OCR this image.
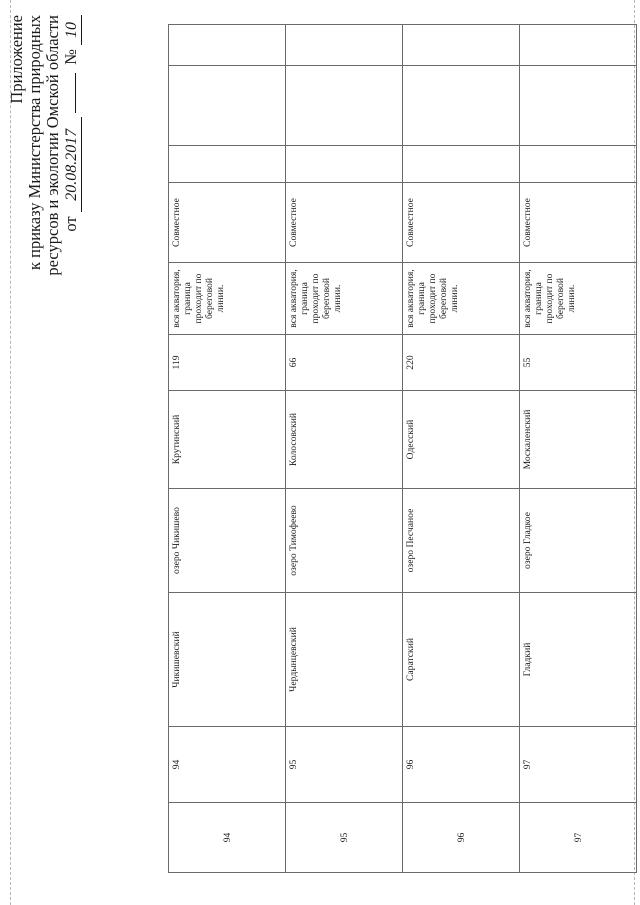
Приложение к приказу Министерства природных ресурсов и экологии Омской области от 20.08.2017   № 10
94	94	Чикишевский	озеро Чикишево	Крутинский	119	вся акватория, граница проходит по береговой линии.	Совместное			
95	95	Чердынцевский	озеро Тимофеево	Колосовский	66	вся акватория, граница проходит по береговой линии.	Совместное			
96	96	Саратский	озеро Песчаное	Одесский	220	вся акватория, граница проходит по береговой линии.	Совместное			
97	97	Гладкий	озеро Гладкое	Москаленский	55	вся акватория, граница проходит по береговой линии.	Совместное			
